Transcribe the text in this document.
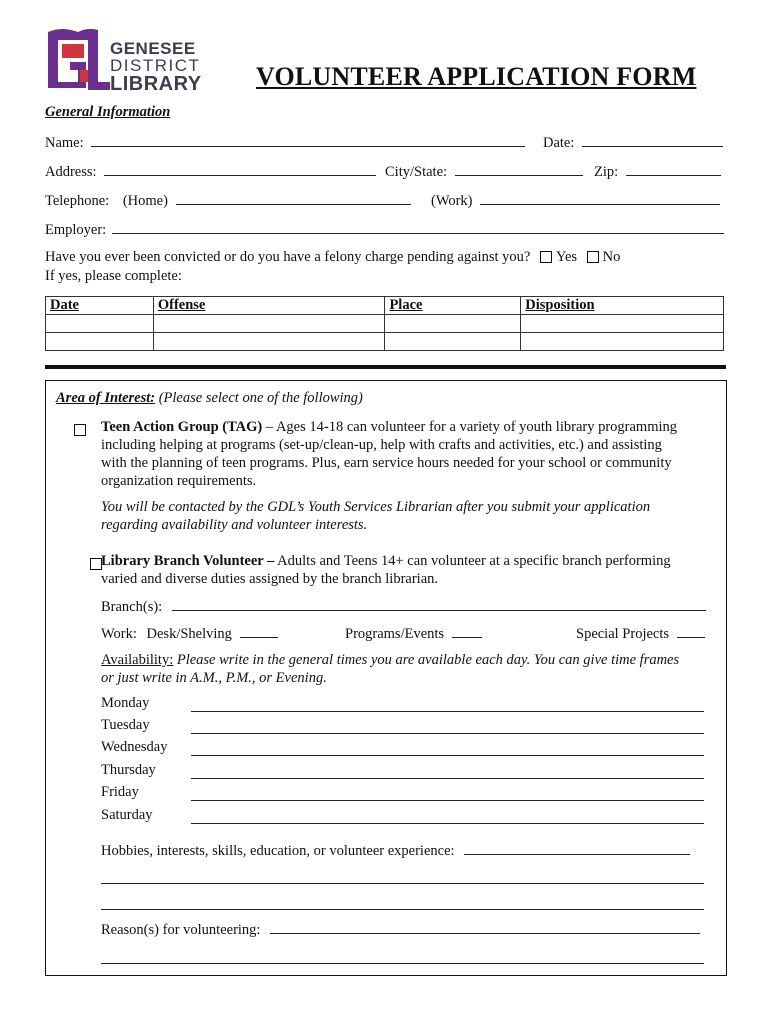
GENESEE
DISTRICT
LIBRARY VOLUNTEER APPLICATION FORM
General Information
Name:	Date:
Address:	City/State:	Zip:
Telephone: (Home)	(Work)
Employer:
Have you ever been convicted or do you have a felony charge pending against you? Yes No
If yes, please complete:
Date	Offense	Place	Disposition

Area of Interest: (Please select one of the following)

Teen Action Group (TAG) – Ages 14-18 can volunteer for a variety of youth library programming
including helping at programs (set-up/clean-up, help with crafts and activities, etc.) and assisting
with the planning of teen programs. Plus, earn service hours needed for your school or community
organization requirements.
You will be contacted by the GDL’s Youth Services Librarian after you submit your application
regarding availability and volunteer interests.
Library Branch Volunteer – Adults and Teens 14+ can volunteer at a specific branch performing
varied and diverse duties assigned by the branch librarian.
Branch(s):
Work: Desk/Shelving	Programs/Events	Special Projects
Availability: Please write in the general times you are available each day. You can give time frames
or just write in A.M., P.M., or Evening.
Monday
Tuesday
Wednesday
Thursday
Friday
Saturday
Hobbies, interests, skills, education, or volunteer experience:
Reason(s) for volunteering:
